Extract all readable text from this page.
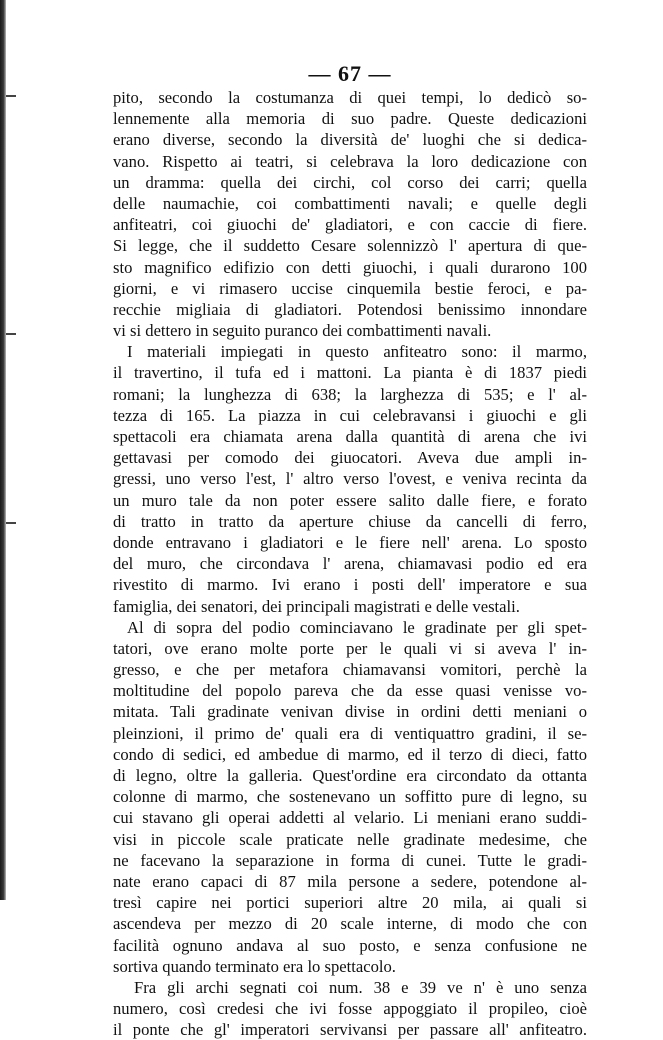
— 67 —
pito, secondo la costumanza di quei tempi, lo dedicò so-
lennemente alla memoria di suo padre. Queste dedicazioni
erano diverse, secondo la diversità de' luoghi che si dedica-
vano. Rispetto ai teatri, si celebrava la loro dedicazione con
un dramma: quella dei circhi, col corso dei carri; quella
delle naumachie, coi combattimenti navali; e quelle degli
anfiteatri, coi giuochi de' gladiatori, e con caccie di fiere.
Si legge, che il suddetto Cesare solennizzò l' apertura di que-
sto magnifico edifizio con detti giuochi, i quali durarono 100
giorni, e vi rimasero uccise cinquemila bestie feroci, e pa-
recchie migliaia di gladiatori. Potendosi benissimo innondare
vi si dettero in seguito puranco dei combattimenti navali.
I materiali impiegati in questo anfiteatro sono: il marmo,
il travertino, il tufa ed i mattoni. La pianta è di 1837 piedi
romani; la lunghezza di 638; la larghezza di 535; e l' al-
tezza di 165. La piazza in cui celebravansi i giuochi e gli
spettacoli era chiamata arena dalla quantità di arena che ivi
gettavasi per comodo dei giuocatori. Aveva due ampli in-
gressi, uno verso l'est, l' altro verso l'ovest, e veniva recinta da
un muro tale da non poter essere salito dalle fiere, e forato
di tratto in tratto da aperture chiuse da cancelli di ferro,
donde entravano i gladiatori e le fiere nell' arena. Lo sposto
del muro, che circondava l' arena, chiamavasi podio ed era
rivestito di marmo. Ivi erano i posti dell' imperatore e sua
famiglia, dei senatori, dei principali magistrati e delle vestali.
Al di sopra del podio cominciavano le gradinate per gli spet-
tatori, ove erano molte porte per le quali vi si aveva l' in-
gresso, e che per metafora chiamavansi vomitori, perchè la
moltitudine del popolo pareva che da esse quasi venisse vo-
mitata. Tali gradinate venivan divise in ordini detti meniani o
pleinzioni, il primo de' quali era di ventiquattro gradini, il se-
condo di sedici, ed ambedue di marmo, ed il terzo di dieci, fatto
di legno, oltre la galleria. Quest'ordine era circondato da ottanta
colonne di marmo, che sostenevano un soffitto pure di legno, su
cui stavano gli operai addetti al velario. Li meniani erano suddi-
visi in piccole scale praticate nelle gradinate medesime, che
ne facevano la separazione in forma di cunei. Tutte le gradi-
nate erano capaci di 87 mila persone a sedere, potendone al-
tresì capire nei portici superiori altre 20 mila, ai quali si
ascendeva per mezzo di 20 scale interne, di modo che con
facilità ognuno andava al suo posto, e senza confusione ne
sortiva quando terminato era lo spettacolo.
Fra gli archi segnati coi num. 38 e 39 ve n' è uno senza
numero, così credesi che ivi fosse appoggiato il propileo, cioè
il ponte che gl' imperatori servivansi per passare all' anfiteatro.
